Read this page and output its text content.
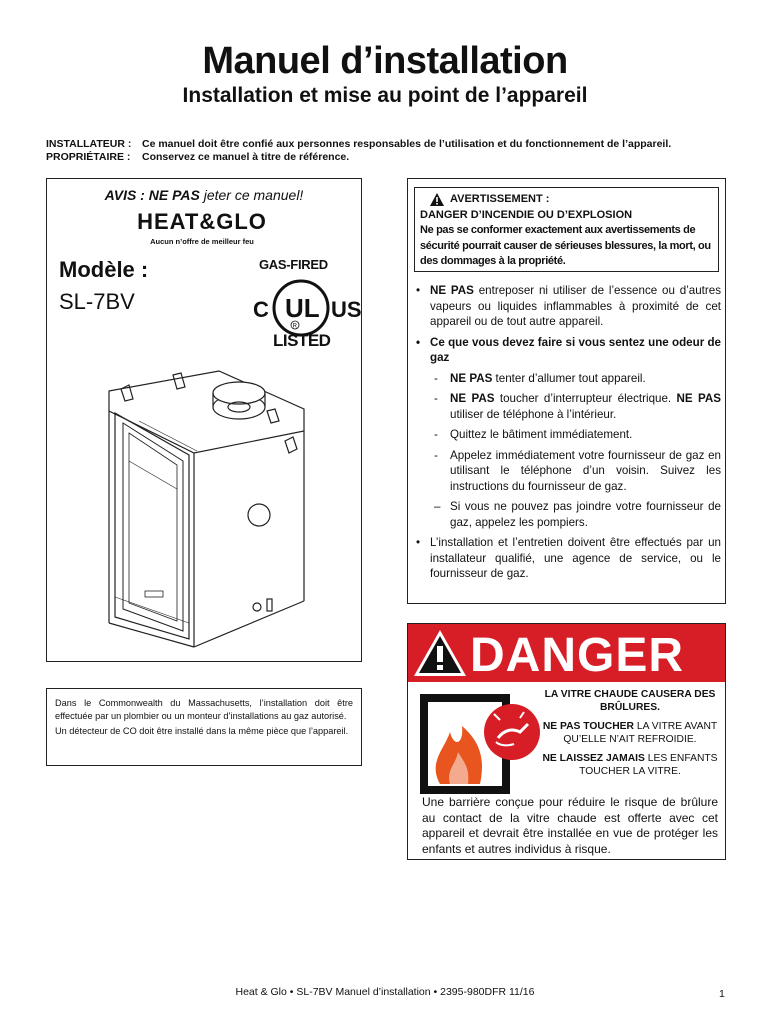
Manuel d’installation
Installation et mise au point de l’appareil
INSTALLATEUR :	Ce manuel doit être confié aux personnes responsables de l’utilisation et du fonctionnement de l’appareil.
PROPRIÉTAIRE :	Conservez ce manuel à titre de référence.
AVIS : NE PAS jeter ce manuel!
HEAT&GLO
Aucun n’offre de meilleur feu
Modèle :
SL-7BV
GAS-FIRED
C UL US
R
LISTED

Dans le Commonwealth du Massachusetts, l’installation doit être effectuée par un plombier ou un monteur d’installations au gaz autorisé.

Un détecteur de CO doit être installé dans la même pièce que l’appareil.

AVERTISSEMENT :
DANGER D’INCENDIE OU D’EXPLOSION
Ne pas se conformer exactement aux avertissements de sécurité pourrait causer de sérieuses blessures, la mort, ou des dommages à la propriété.
• NE PAS entreposer ni utiliser de l’essence ou d’autres vapeurs ou liquides inflammables à proximité de cet appareil ou de tout autre appareil.
• Ce que vous devez faire si vous sentez une odeur de gaz
-	NE PAS tenter d’allumer tout appareil.
-	NE PAS toucher d’interrupteur électrique. NE PAS utiliser de téléphone à l’intérieur.
-	Quittez le bâtiment immédiatement.
-	Appelez immédiatement votre fournisseur de gaz en utilisant le téléphone d’un voisin. Suivez les instructions du fournisseur de gaz.
– Si vous ne pouvez pas joindre votre fournisseur de gaz, appelez les pompiers.
• L’installation et l’entretien doivent être effectués par un installateur qualifié, une agence de service, ou le fournisseur de gaz.
DANGER

LA VITRE CHAUDE CAUSERA DES BRÛLURES.

NE PAS TOUCHER LA VITRE AVANT QU’ELLE N’AIT REFROIDIE.

NE LAISSEZ JAMAIS LES ENFANTS TOUCHER LA VITRE.

Une barrière conçue pour réduire le risque de brûlure au contact de la vitre chaude est offerte avec cet appareil et devrait être installée en vue de protéger les enfants et autres individus à risque.
Heat & Glo • SL-7BV Manuel d’installation • 2395-980DFR 11/16	1
